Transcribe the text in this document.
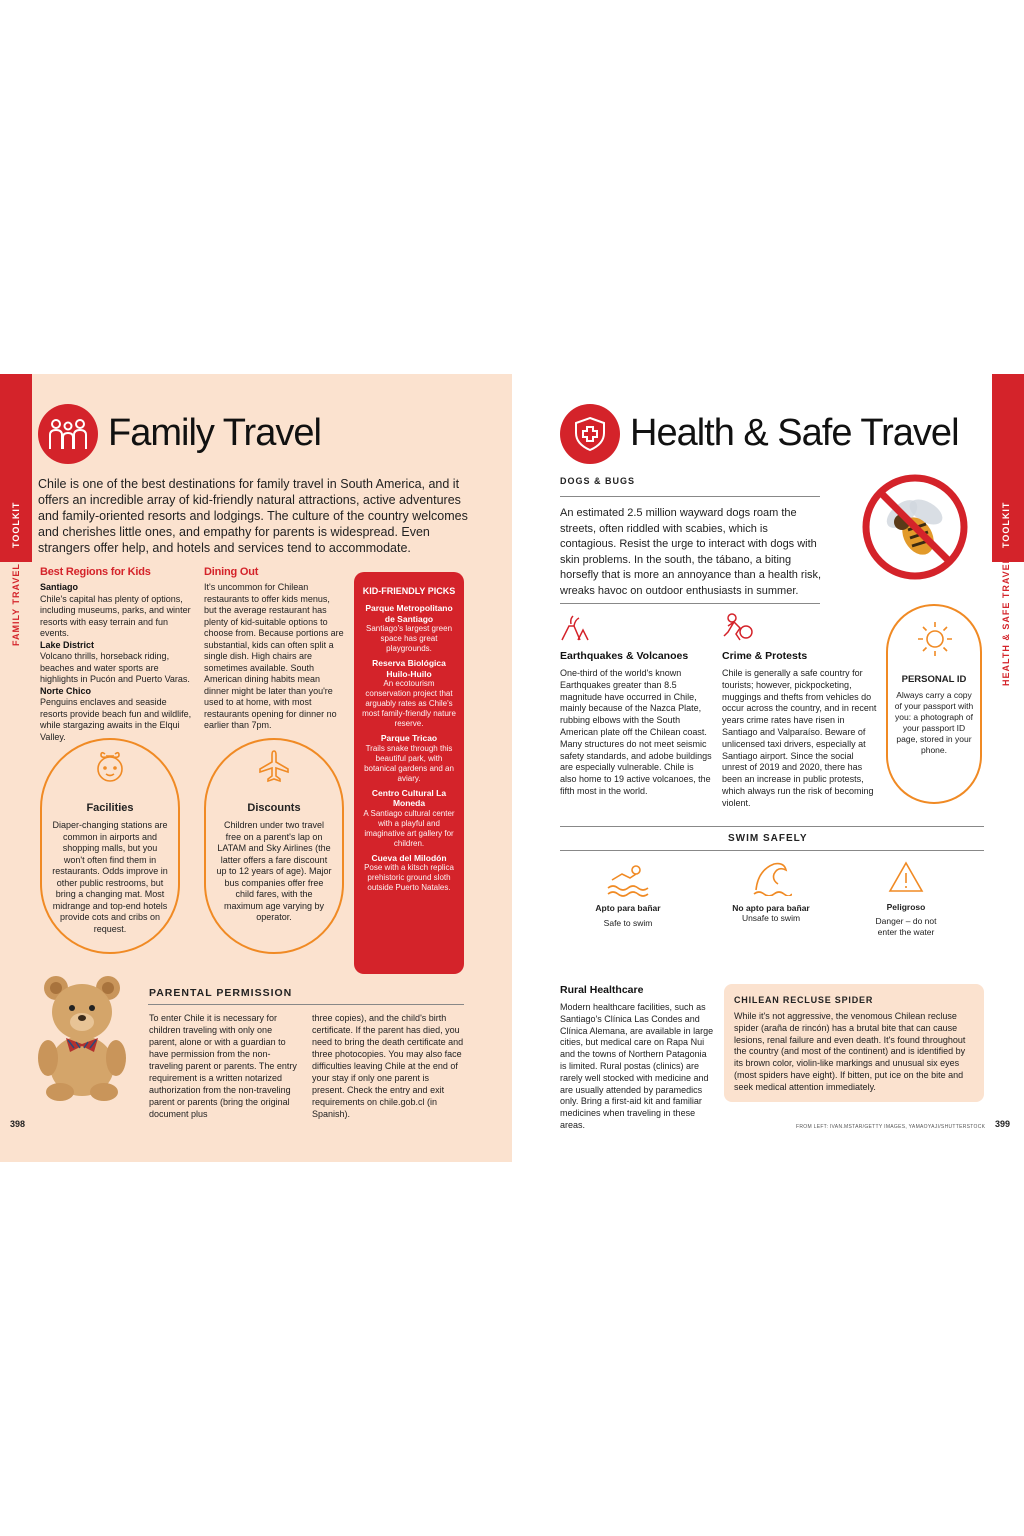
TOOLKIT
FAMILY TRAVEL
Family Travel
Chile is one of the best destinations for family travel in South America, and it offers an incredible array of kid-friendly natural attractions, active adventures and family-oriented resorts and lodgings. The culture of the country welcomes and cherishes little ones, and empathy for parents is widespread. Even strangers offer help, and hotels and services tend to accommodate.
Best Regions for Kids
Santiago
Chile's capital has plenty of options, including museums, parks, and winter resorts with easy terrain and fun events.
Lake District
Volcano thrills, horseback riding, beaches and water sports are highlights in Pucón and Puerto Varas.
Norte Chico
Penguins enclaves and seaside resorts provide beach fun and wildlife, while stargazing awaits in the Elqui Valley.
Dining Out
It's uncommon for Chilean restaurants to offer kids menus, but the average restaurant has plenty of kid-suitable options to choose from. Because portions are substantial, kids can often split a single dish. High chairs are sometimes available. South American dining habits mean dinner might be later than you're used to at home, with most restaurants opening for dinner no earlier than 7pm.
Facilities
Diaper-changing stations are common in airports and shopping malls, but you won't often find them in restaurants. Odds improve in other public restrooms, but bring a changing mat. Most midrange and top-end hotels provide cots and cribs on request.
Discounts
Children under two travel free on a parent's lap on LATAM and Sky Airlines (the latter offers a fare discount up to 12 years of age). Major bus companies offer free child fares, with the maximum age varying by operator.
KID-FRIENDLY PICKS
Parque Metropolitano de Santiago
Santiago's largest green space has great playgrounds.
Reserva Biológica Huilo-Huilo
An ecotourism conservation project that arguably rates as Chile's most family-friendly nature reserve.
Parque Tricao
Trails snake through this beautiful park, with botanical gardens and an aviary.
Centro Cultural La Moneda
A Santiago cultural center with a playful and imaginative art gallery for children.
Cueva del Milodón
Pose with a kitsch replica prehistoric ground sloth outside Puerto Natales.
PARENTAL PERMISSION
To enter Chile it is necessary for children traveling with only one parent, alone or with a guardian to have permission from the non-traveling parent or parents. The entry requirement is a written notarized authorization from the non-traveling parent or parents (bring the original document plus
three copies), and the child's birth certificate. If the parent has died, you need to bring the death certificate and three photocopies. You may also face difficulties leaving Chile at the end of your stay if only one parent is present. Check the entry and exit requirements on chile.gob.cl (in Spanish).
398
TOOLKIT
HEALTH & SAFE TRAVEL
Health & Safe Travel
DOGS & BUGS
An estimated 2.5 million wayward dogs roam the streets, often riddled with scabies, which is contagious. Resist the urge to interact with dogs with skin problems. In the south, the tábano, a biting horsefly that is more an annoyance than a health risk, wreaks havoc on outdoor enthusiasts in summer.
Earthquakes & Volcanoes
One-third of the world's known Earthquakes greater than 8.5 magnitude have occurred in Chile, mainly because of the Nazca Plate, rubbing elbows with the South American plate off the Chilean coast. Many structures do not meet seismic safety standards, and adobe buildings are especially vulnerable. Chile is also home to 19 active volcanoes, the fifth most in the world.
Crime & Protests
Chile is generally a safe country for tourists; however, pickpocketing, muggings and thefts from vehicles do occur across the country, and in recent years crime rates have risen in Santiago and Valparaíso. Beware of unlicensed taxi drivers, especially at Santiago airport. Since the social unrest of 2019 and 2020, there has been an increase in public protests, which always run the risk of becoming violent.
PERSONAL ID
Always carry a copy of your passport with you: a photograph of your passport ID page, stored in your phone.
SWIM SAFELY
Apto para bañar
Safe to swim
No apto para bañar
Unsafe to swim
Peligroso
Danger – do not enter the water
Rural Healthcare
Modern healthcare facilities, such as Santiago's Clínica Las Condes and Clínica Alemana, are available in large cities, but medical care on Rapa Nui and the towns of Northern Patagonia is limited. Rural postas (clinics) are rarely well stocked with medicine and are usually attended by paramedics only. Bring a first-aid kit and familiar medicines when traveling in these areas.
CHILEAN RECLUSE SPIDER
While it's not aggressive, the venomous Chilean recluse spider (araña de rincón) has a brutal bite that can cause lesions, renal failure and even death. It's found throughout the country (and most of the continent) and is identified by its brown color, violin-like markings and unusual six eyes (most spiders have eight). If bitten, put ice on the bite and seek medical attention immediately.
FROM LEFT: IVAN.MSTAR/GETTY IMAGES, YAMAOYAJI/SHUTTERSTOCK 399
